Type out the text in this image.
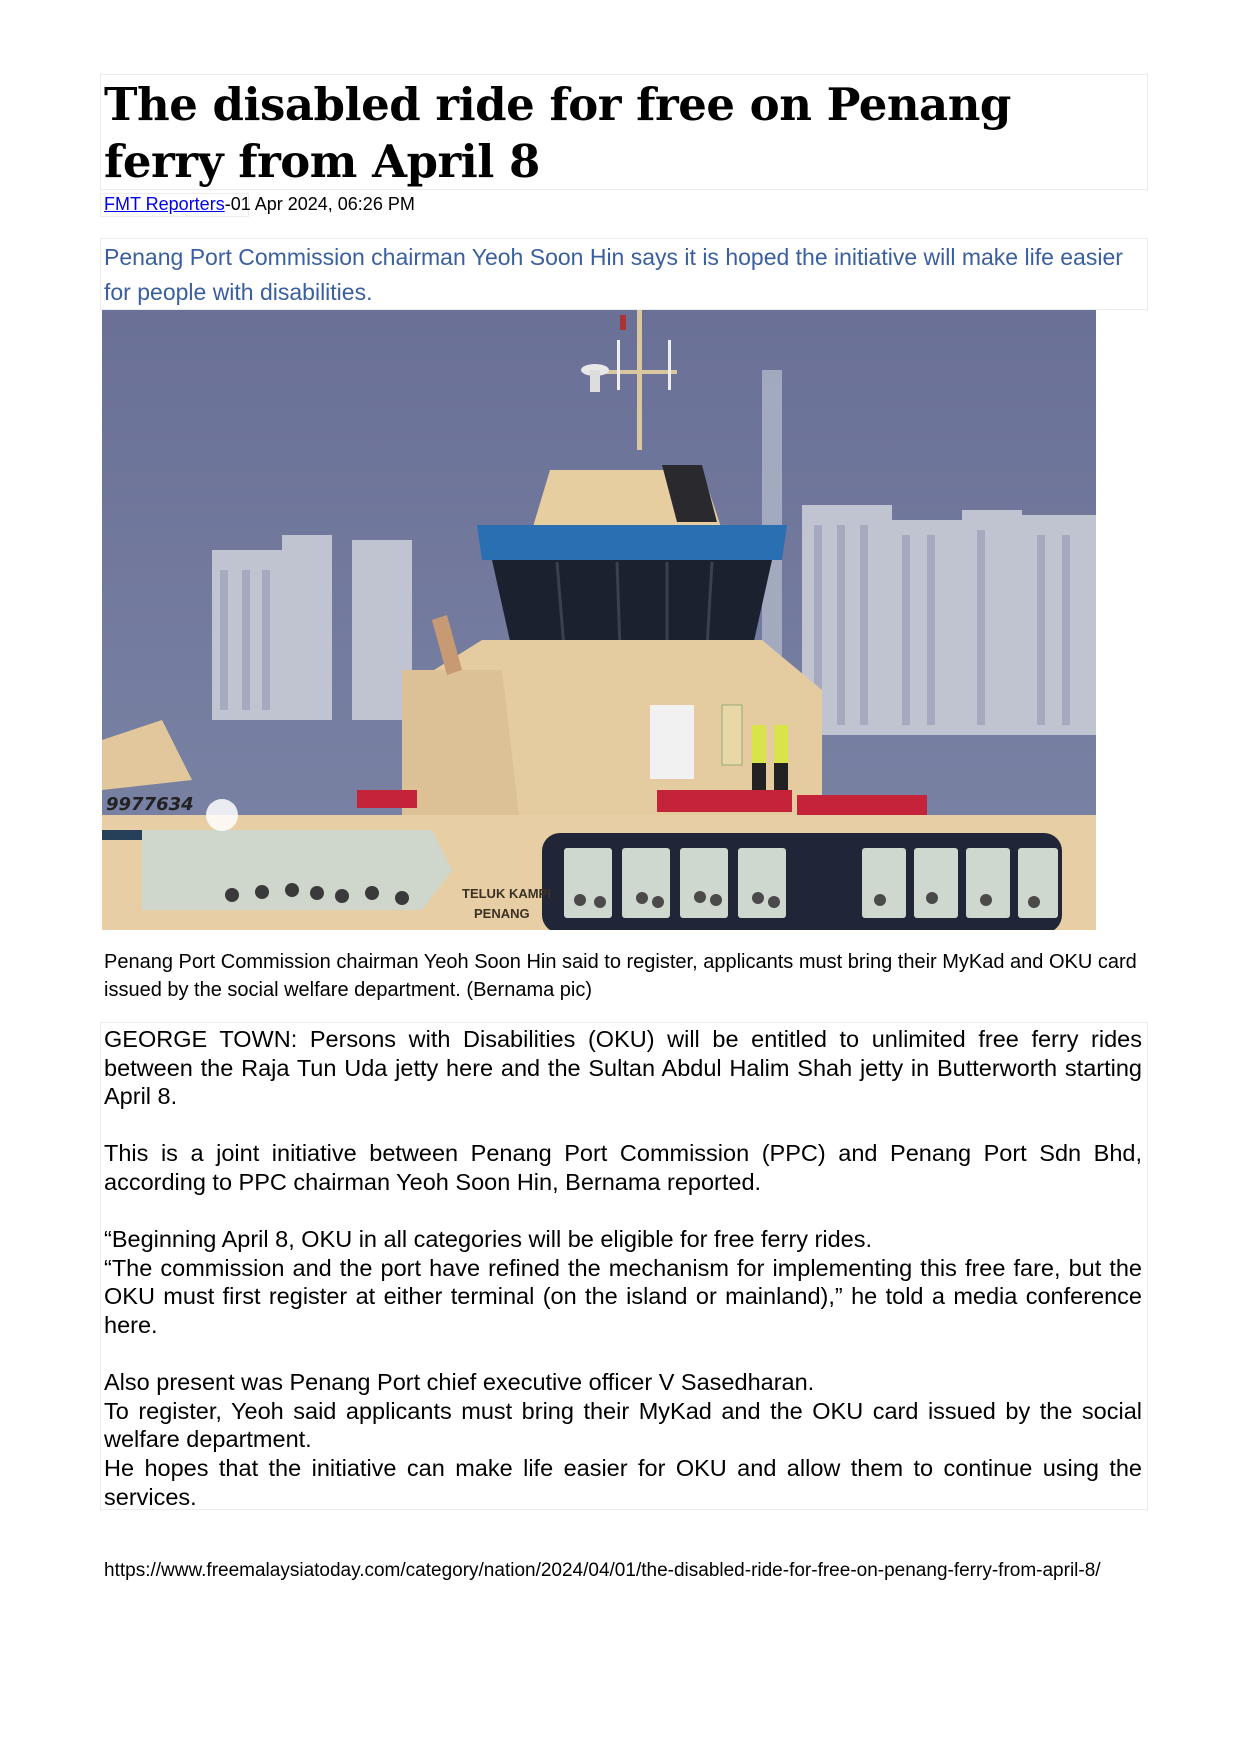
The disabled ride for free on Penang ferry from April 8
FMT Reporters-01 Apr 2024, 06:26 PM
Penang Port Commission chairman Yeoh Soon Hin says it is hoped the initiative will make life easier for people with disabilities.
9977634
TELUK KAMPI
PENANG
Penang Port Commission chairman Yeoh Soon Hin said to register, applicants must bring their MyKad and OKU card issued by the social welfare department. (Bernama pic)

GEORGE TOWN: Persons with Disabilities (OKU) will be entitled to unlimited free ferry rides between the Raja Tun Uda jetty here and the Sultan Abdul Halim Shah jetty in Butterworth starting April 8.

This is a joint initiative between Penang Port Commission (PPC) and Penang Port Sdn Bhd, according to PPC chairman Yeoh Soon Hin, Bernama reported.

“Beginning April 8, OKU in all categories will be eligible for free ferry rides.

“The commission and the port have refined the mechanism for implementing this free fare, but the OKU must first register at either terminal (on the island or mainland),” he told a media conference here.

Also present was Penang Port chief executive officer V Sasedharan.

To register, Yeoh said applicants must bring their MyKad and the OKU card issued by the social welfare department.

He hopes that the initiative can make life easier for OKU and allow them to continue using the services.

https://www.freemalaysiatoday.com/category/nation/2024/04/01/the-disabled-ride-for-free-on-penang-ferry-from-april-8/
